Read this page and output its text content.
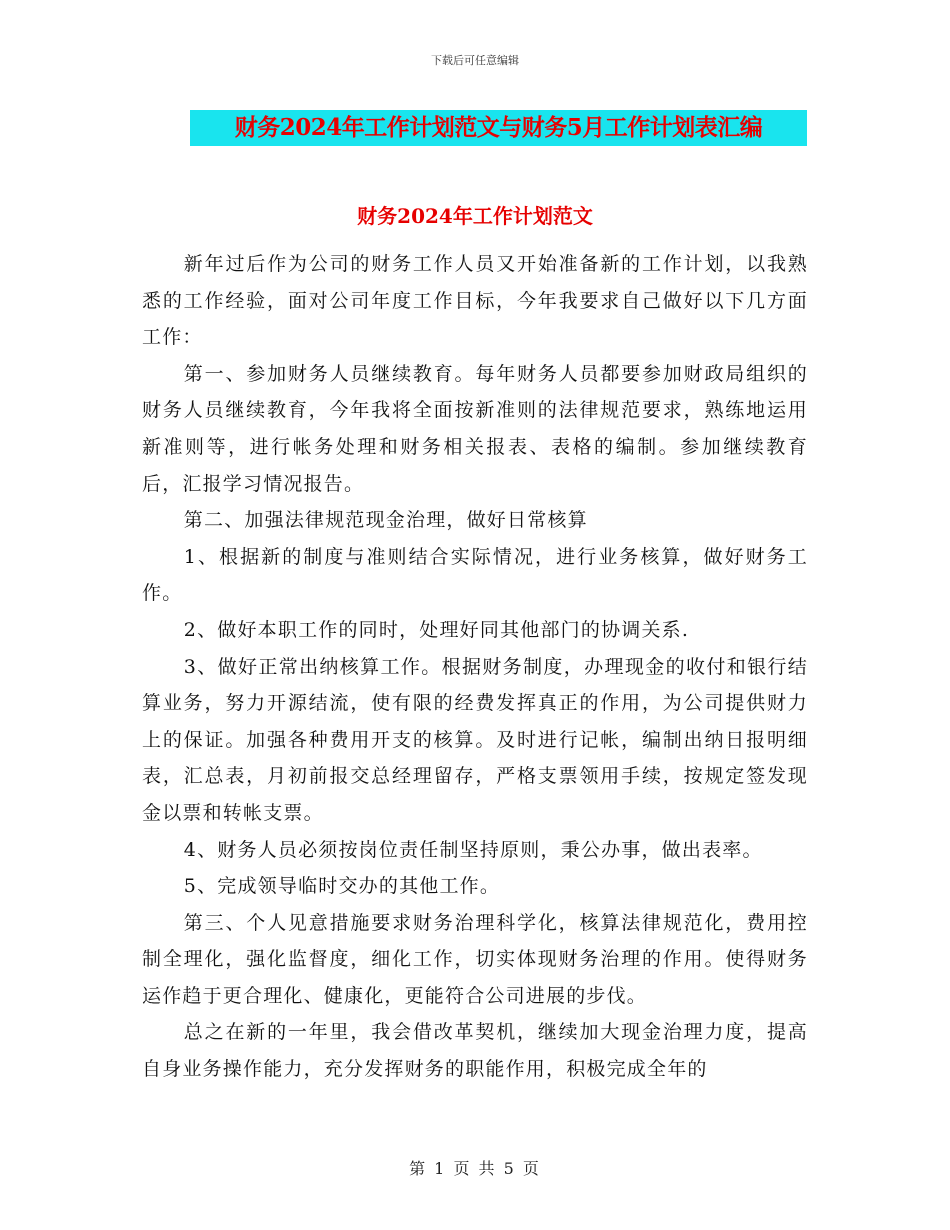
下载后可任意编辑
财务2024年工作计划范文与财务5月工作计划表汇编
财务2024年工作计划范文

新年过后作为公司的财务工作人员又开始准备新的工作计划，以我熟悉的工作经验，面对公司年度工作目标，今年我要求自己做好以下几方面工作：

第一、参加财务人员继续教育。每年财务人员都要参加财政局组织的财务人员继续教育，今年我将全面按新准则的法律规范要求，熟练地运用新准则等，进行帐务处理和财务相关报表、表格的编制。参加继续教育后，汇报学习情况报告。

第二、加强法律规范现金治理，做好日常核算

1、根据新的制度与准则结合实际情况，进行业务核算，做好财务工作。

2、做好本职工作的同时，处理好同其他部门的协调关系.

3、做好正常出纳核算工作。根据财务制度，办理现金的收付和银行结算业务，努力开源结流，使有限的经费发挥真正的作用，为公司提供财力上的保证。加强各种费用开支的核算。及时进行记帐，编制出纳日报明细表，汇总表，月初前报交总经理留存，严格支票领用手续，按规定签发现金以票和转帐支票。

4、财务人员必须按岗位责任制坚持原则，秉公办事，做出表率。

5、完成领导临时交办的其他工作。

第三、个人见意措施要求财务治理科学化，核算法律规范化，费用控制全理化，强化监督度，细化工作，切实体现财务治理的作用。使得财务运作趋于更合理化、健康化，更能符合公司进展的步伐。

总之在新的一年里，我会借改革契机，继续加大现金治理力度，提高自身业务操作能力，充分发挥财务的职能作用，积极完成全年的

第 1 页 共 5 页
